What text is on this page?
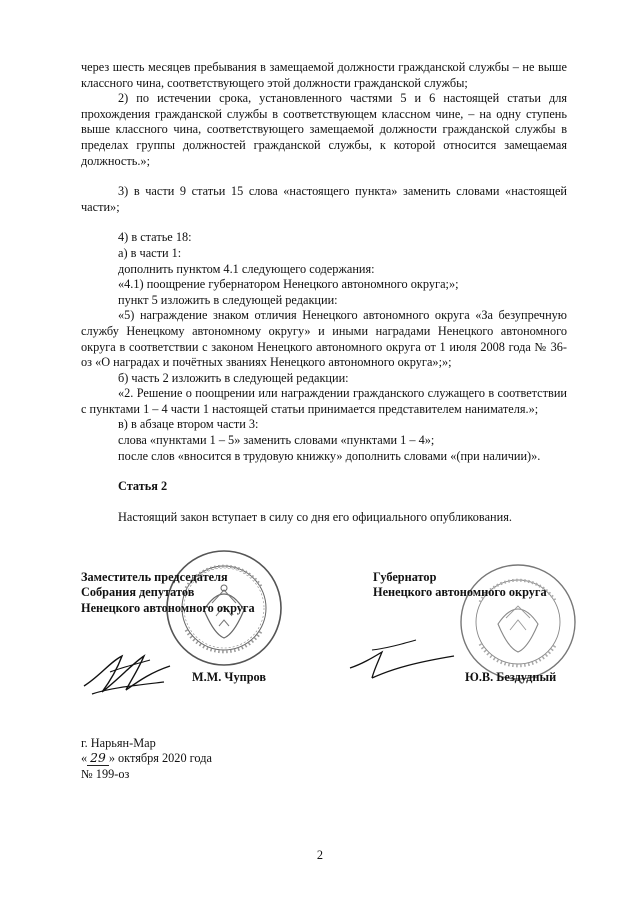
через шесть месяцев пребывания в замещаемой должности гражданской службы – не выше классного чина, соответствующего этой должности гражданской службы;

2) по истечении срока, установленного частями 5 и 6 настоящей статьи для прохождения гражданской службы в соответствующем классном чине, – на одну ступень выше классного чина, соответствующего замещаемой должности гражданской службы в пределах группы должностей гражданской службы, к которой относится замещаемая должность.»;

3) в части 9 статьи 15 слова «настоящего пункта» заменить словами «настоящей части»;

4) в статье 18:

а) в части 1:

дополнить пунктом 4.1 следующего содержания:

«4.1) поощрение губернатором Ненецкого автономного округа;»;

пункт 5 изложить в следующей редакции:

«5) награждение знаком отличия Ненецкого автономного округа «За безупречную службу Ненецкому автономному округу» и иными наградами Ненецкого автономного округа в соответствии с законом Ненецкого автономного округа от 1 июля 2008 года № 36-оз «О наградах и почётных званиях Ненецкого автономного округа»;»;

б) часть 2 изложить в следующей редакции:

«2. Решение о поощрении или награждении гражданского служащего в соответствии с пунктами 1 – 4 части 1 настоящей статьи принимается представителем нанимателя.»;

в) в абзаце втором части 3:

слова «пунктами 1 – 5» заменить словами «пунктами 1 – 4»;

после слов «вносится в трудовую книжку» дополнить словами «(при наличии)».

Статья 2

Настоящий закон вступает в силу со дня его официального опубликования.

Заместитель председателя
Собрания депутатов
Ненецкого автономного округа
Губернатор
Ненецкого автономного округа
М.М. Чупров	Ю.В. Бездудный
г. Нарьян-Мар
« 29 » октября 2020 года
№ 199-оз
2
